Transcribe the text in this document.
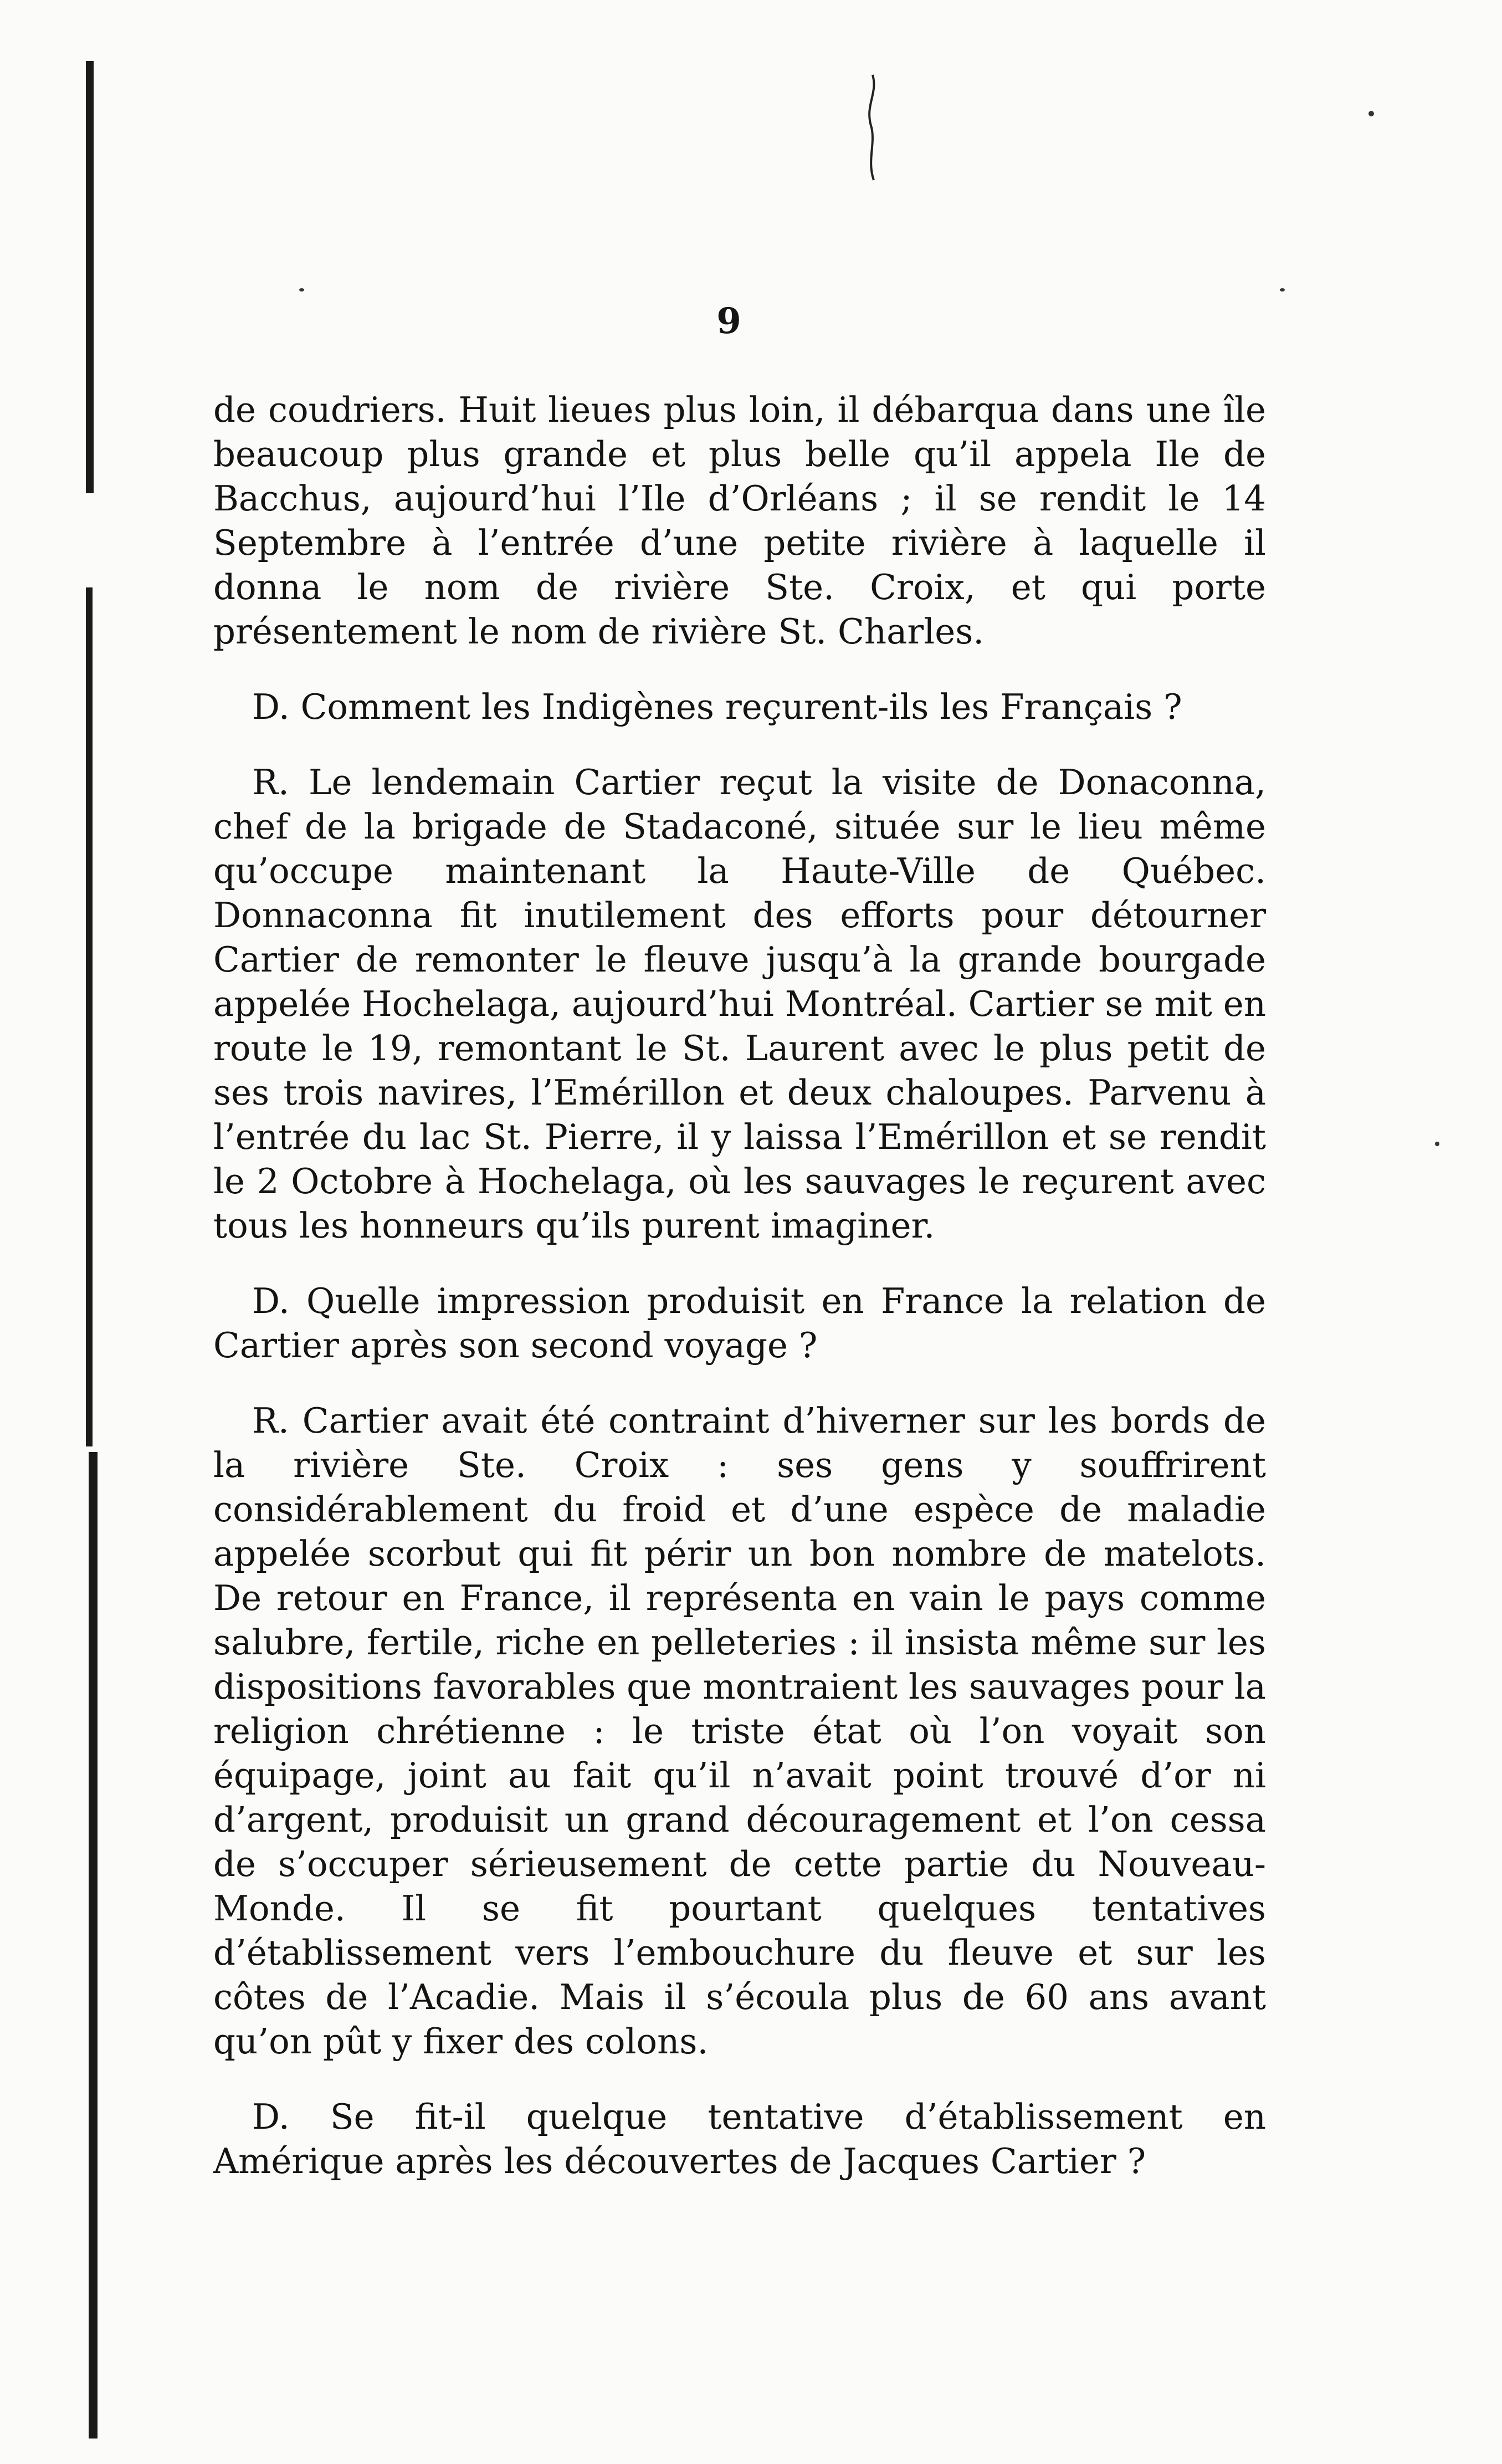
9

de coudriers. Huit lieues plus loin, il débarqua dans une île beaucoup plus grande et plus belle qu’il appela Ile de Bacchus, aujourd’hui l’Ile d’Orléans ; il se rendit le 14 Septembre à l’entrée d’une petite rivière à laquelle il donna le nom de rivière Ste. Croix, et qui porte présentement le nom de rivière St. Charles.

D. Comment les Indigènes reçurent-ils les Français ?

R. Le lendemain Cartier reçut la visite de Donaconna, chef de la brigade de Stadaconé, située sur le lieu même qu’occupe maintenant la Haute-Ville de Québec. Donnaconna fit inutilement des efforts pour détourner Cartier de remonter le fleuve jusqu’à la grande bourgade appelée Hochelaga, aujourd’hui Montréal. Cartier se mit en route le 19, remontant le St. Laurent avec le plus petit de ses trois navires, l’Emérillon et deux chaloupes. Parvenu à l’entrée du lac St. Pierre, il y laissa l’Emérillon et se rendit le 2 Octobre à Hochelaga, où les sauvages le reçurent avec tous les honneurs qu’ils purent imaginer.

D. Quelle impression produisit en France la relation de Cartier après son second voyage ?

R. Cartier avait été contraint d’hiverner sur les bords de la rivière Ste. Croix : ses gens y souffrirent considérablement du froid et d’une espèce de maladie appelée scorbut qui fit périr un bon nombre de matelots. De retour en France, il représenta en vain le pays comme salubre, fertile, riche en pelleteries : il insista même sur les dispositions favorables que montraient les sauvages pour la religion chrétienne : le triste état où l’on voyait son équipage, joint au fait qu’il n’avait point trouvé d’or ni d’argent, produisit un grand découragement et l’on cessa de s’occuper sérieusement de cette partie du Nouveau-Monde. Il se fit pourtant quelques tentatives d’établissement vers l’embouchure du fleuve et sur les côtes de l’Acadie. Mais il s’écoula plus de 60 ans avant qu’on pût y fixer des colons.

D. Se fit-il quelque tentative d’établissement en Amérique après les découvertes de Jacques Cartier ?
